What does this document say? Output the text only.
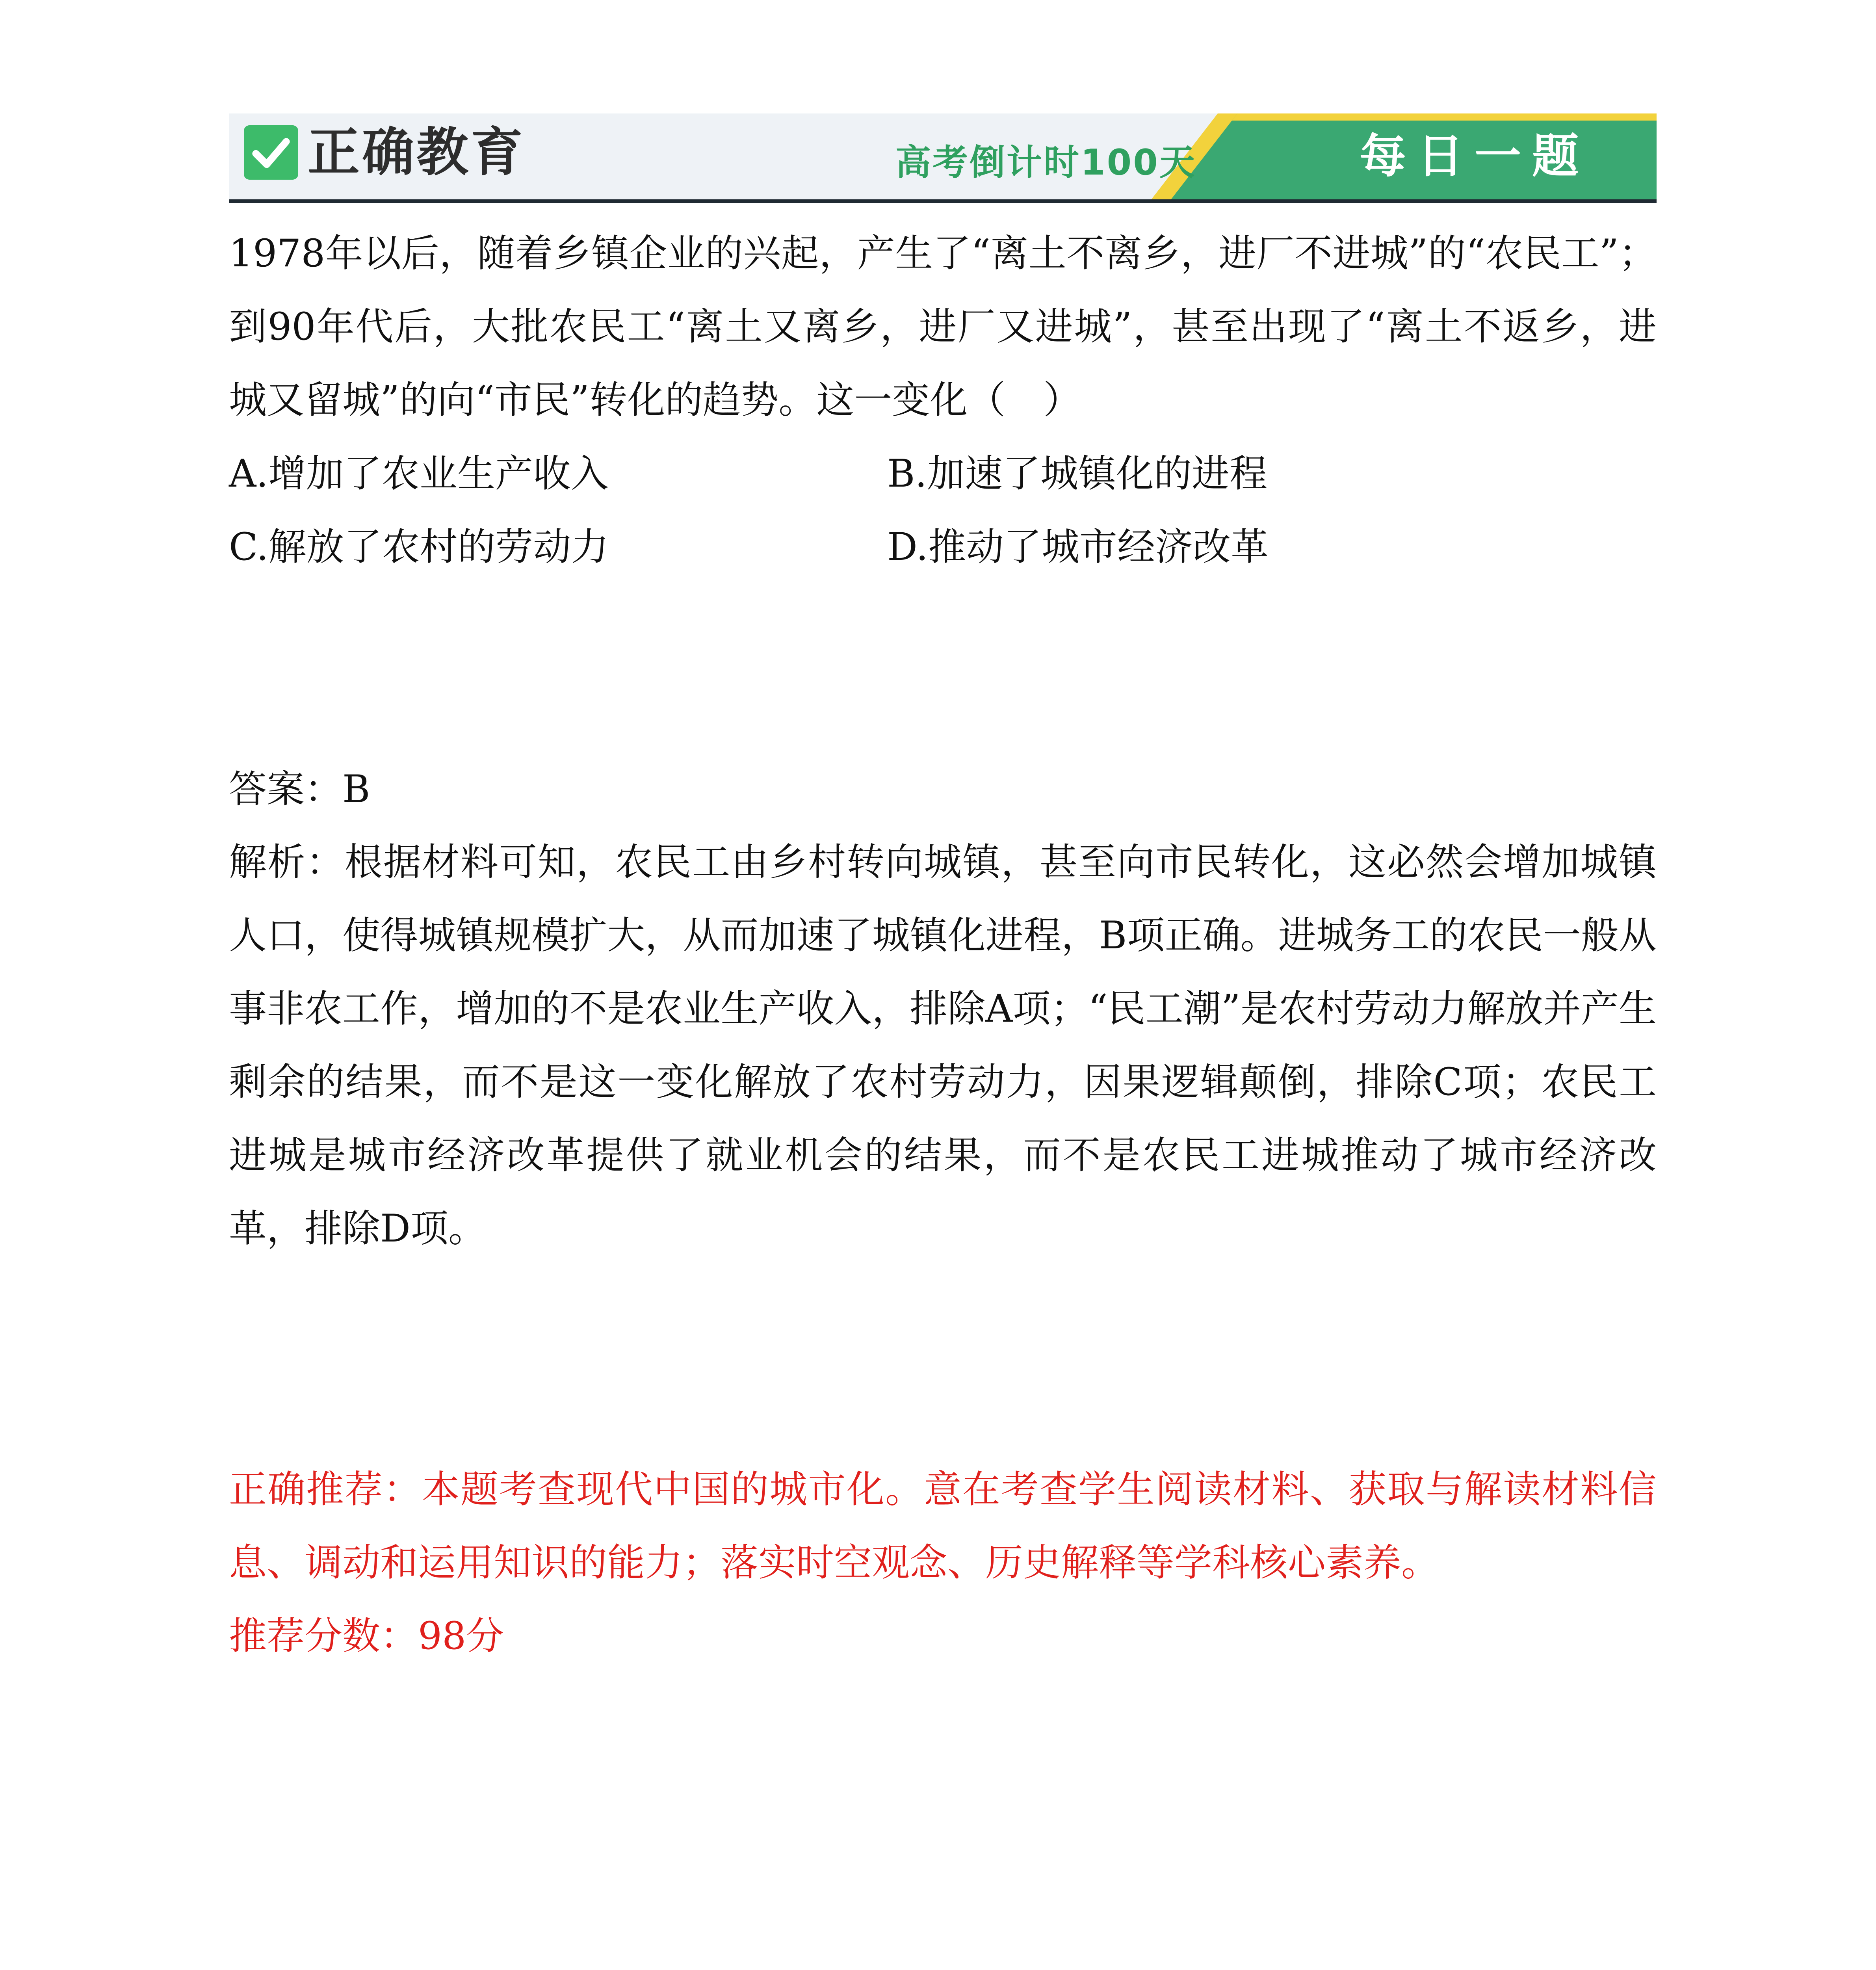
正确教育	高考倒计时100天	每日一题

1978年以后，随着乡镇企业的兴起，产生了“离土不离乡，进厂不进城”的“农民工”；到90年代后，大批农民工“离土又离乡，进厂又进城”，甚至出现了“离土不返乡，进城又留城”的向“市民”转化的趋势。这一变化（　）

A.增加了农业生产收入	B.加速了城镇化的进程
C.解放了农村的劳动力	D.推动了城市经济改革

答案：B

解析：根据材料可知，农民工由乡村转向城镇，甚至向市民转化，这必然会增加城镇人口，使得城镇规模扩大，从而加速了城镇化进程，B项正确。进城务工的农民一般从事非农工作，增加的不是农业生产收入，排除A项；“民工潮”是农村劳动力解放并产生剩余的结果，而不是这一变化解放了农村劳动力，因果逻辑颠倒，排除C项；农民工进城是城市经济改革提供了就业机会的结果，而不是农民工进城推动了城市经济改革，排除D项。

正确推荐：本题考查现代中国的城市化。意在考查学生阅读材料、获取与解读材料信息、调动和运用知识的能力；落实时空观念、历史解释等学科核心素养。

推荐分数：98分
